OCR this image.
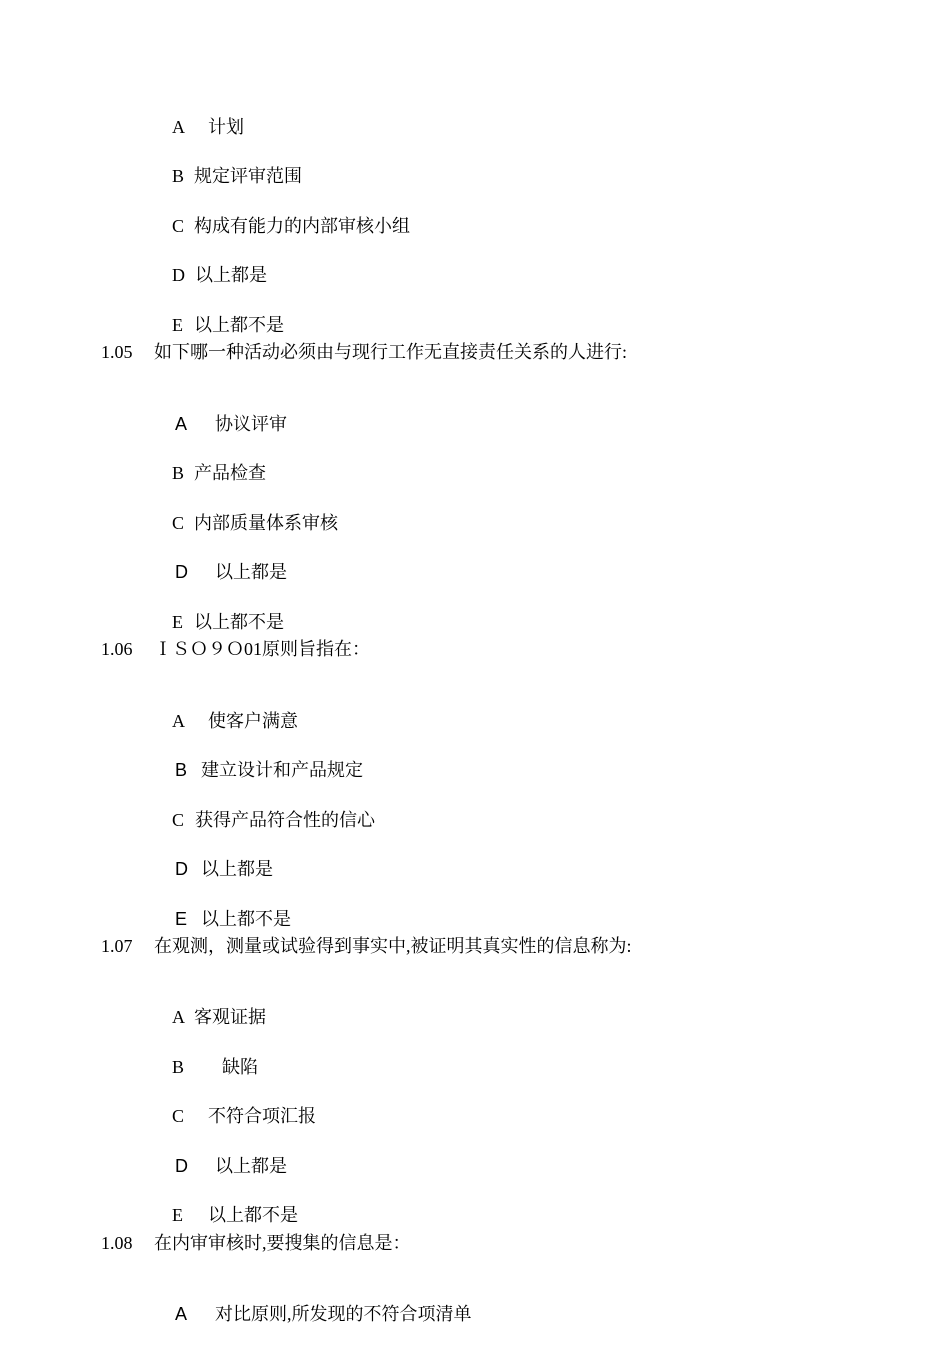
A 计划

B 规定评审范围

C 构成有能力的内部审核小组

D 以上都是

E 以上都不是

1.05 如下哪一种活动必须由与现行工作无直接责任关系的人进行:

A 协议评审

B 产品检查

C 内部质量体系审核

D 以上都是

E 以上都不是

1.06 ＩＳＯ９Ｏ01原则旨指在：

A 使客户满意

B 建立设计和产品规定

C 获得产品符合性的信心

D 以上都是

E 以上都不是

1.07 在观测，测量或试验得到事实中,被证明其真实性的信息称为:

A 客观证据

B 缺陷

C 不符合项汇报

D 以上都是

E 以上都不是

1.08 在内审审核时,要搜集的信息是：

A 对比原则,所发现的不符合项清单
